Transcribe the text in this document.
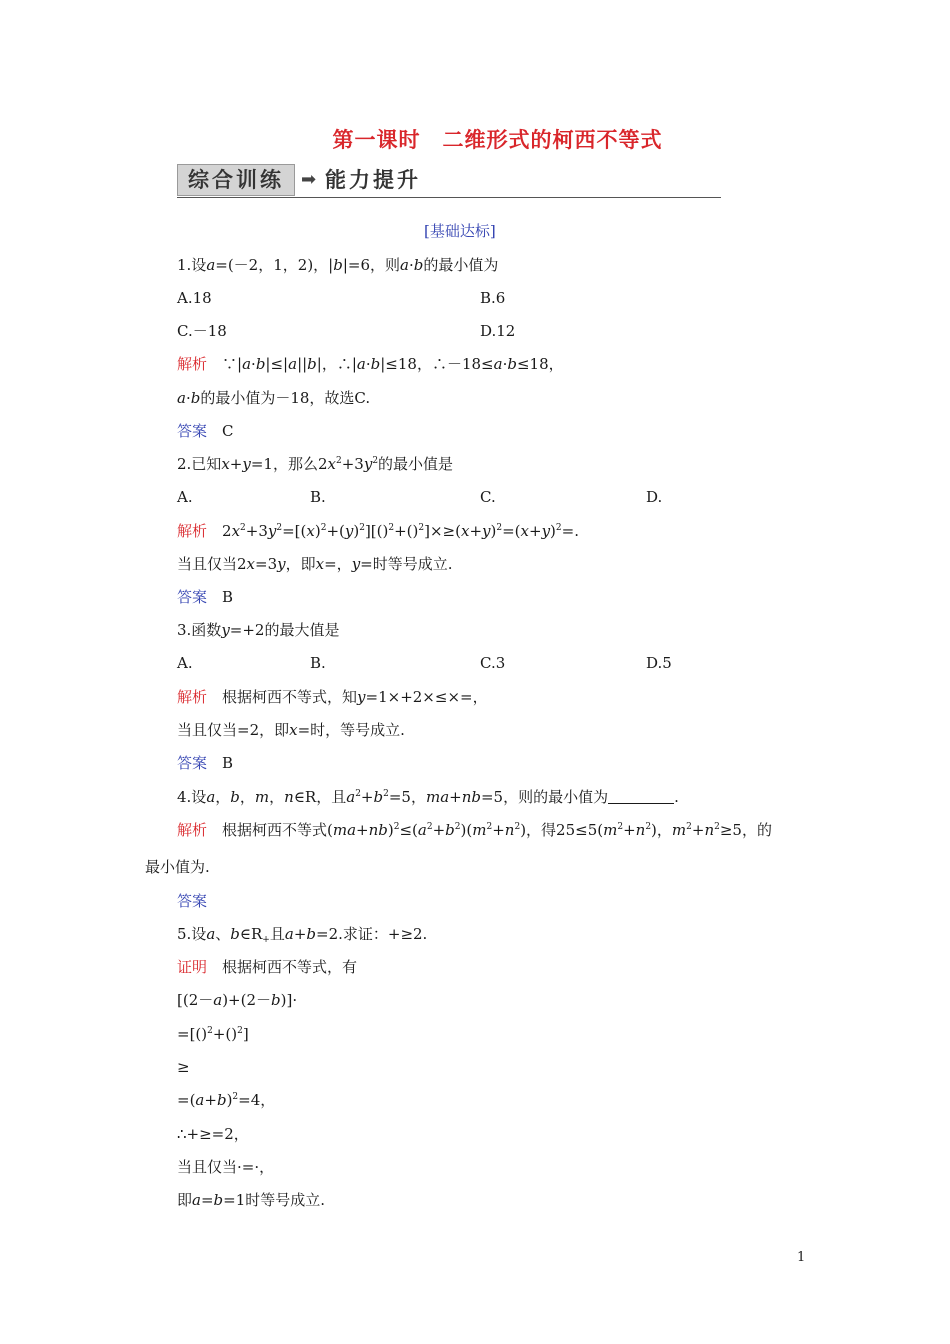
第一课时　二维形式的柯西不等式
综合训练 ➡ 能力提升
[基础达标]
1.设a=(－2，1，2)，|b|=6，则a·b的最小值为
A.18	B.6
C.－18	D.12
解析　∵|a·b|≤|a||b|，∴|a·b|≤18，∴－18≤a·b≤18，
a·b的最小值为－18，故选C.
答案　 C
2.已知x+y=1，那么$2x^2+3y^2$的最小值是
A.	B.	C.	D.
解析　$2x^2+3y^2=[(x)^2+(y)^2][()^2+()^2]\times\ge(x+y)^2=(x+y)^2=$.
当且仅当2x=3y，即x=，y=时等号成立.
答案　 B
3.函数y=+2的最大值是
A.	B.	C.3	D.5
解析　根据柯西不等式，知y=1×+2×≤×=，
当且仅当=2，即x=时，等号成立.
答案　 B
4.设a，b，m，n∈R，且$a^2+b^2=5$，ma+nb=5，则的最小值为	.
解析　根据柯西不等式$(ma+nb)^2\le(a^2+b^2)(m^2+n^2)$，得$25\le 5(m^2+n^2)$，$m^2+n^2\ge 5$，的
最小值为.
答案　
5.设a、$b\in R_+$且a+b=2.求证：+≥2.
证明　 根据柯西不等式，有
[(2－a)+(2－b)]·
=[()$^2$+()$^2$]
≥
$=(a+b)^2=4$，
∴+≥=2，
当且仅当·=·，
即a=b=1时等号成立.
1
